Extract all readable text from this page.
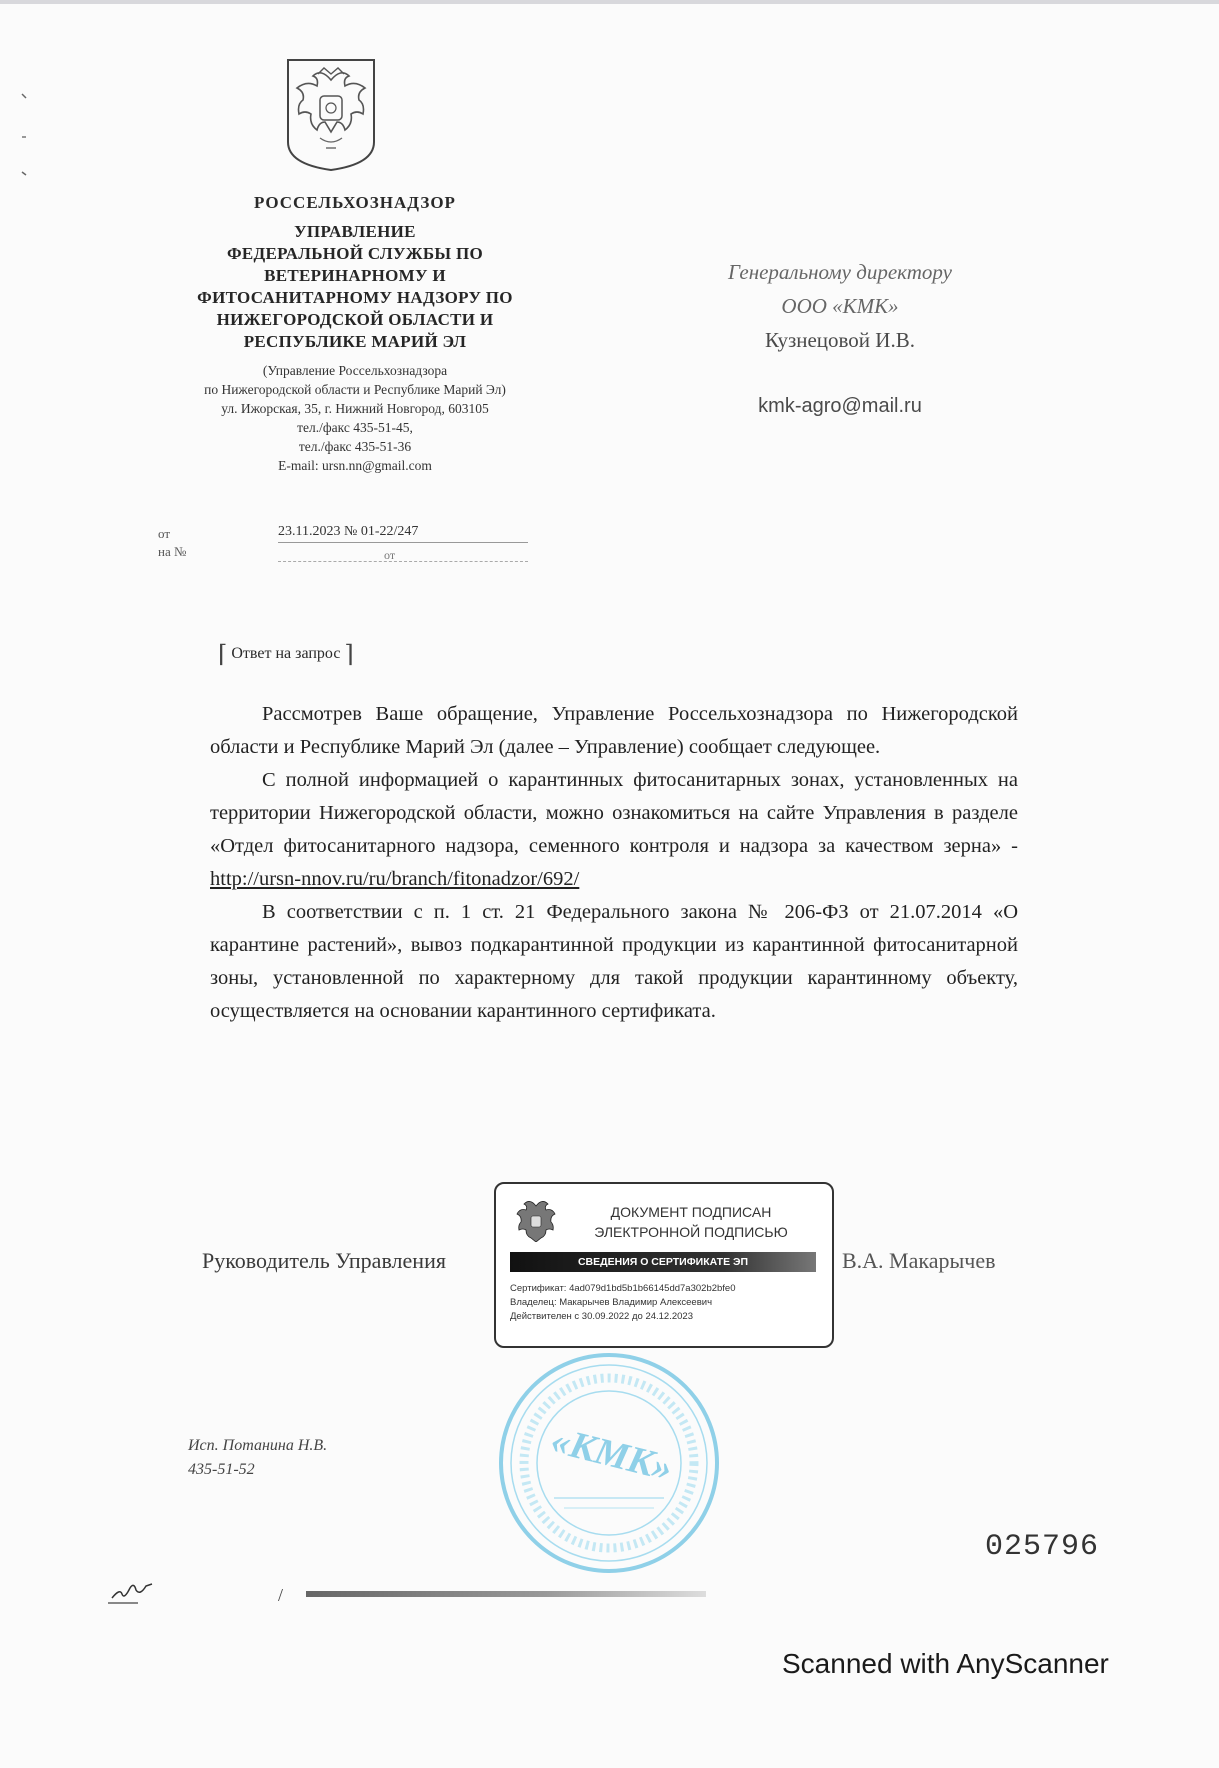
РОССЕЛЬХОЗНАДЗОР
УПРАВЛЕНИЕ
ФЕДЕРАЛЬНОЙ СЛУЖБЫ ПО
ВЕТЕРИНАРНОМУ И
ФИТОСАНИТАРНОМУ НАДЗОРУ ПО
НИЖЕГОРОДСКОЙ ОБЛАСТИ И
РЕСПУБЛИКЕ МАРИЙ ЭЛ
(Управление Россельхознадзора
по Нижегородской области и Республике Марий Эл)
ул. Ижорская, 35, г. Нижний Новгород, 603105
тел./факс 435-51-45,
тел./факс 435-51-36
E-mail: ursn.nn@gmail.com
от	23.11.2023 № 01-22/247
на №	от
Генеральному директору
ООО «КМК»
Кузнецовой И.В.
kmk-agro@mail.ru
⌈ Ответ на запрос ⌉

Рассмотрев Ваше обращение, Управление Россельхознадзора по Нижегородской области и Республике Марий Эл (далее – Управление) сообщает следующее.

С полной информацией о карантинных фитосанитарных зонах, установленных на территории Нижегородской области, можно ознакомиться на сайте Управления в разделе «Отдел фитосанитарного надзора, семенного контроля и надзора за качеством зерна» - http://ursn-nnov.ru/ru/branch/fitonadzor/692/

В соответствии с п. 1 ст. 21 Федерального закона № 206-ФЗ от 21.07.2014 «О карантине растений», вывоз подкарантинной продукции из карантинной фитосанитарной зоны, установленной по характерному для такой продукции карантинному объекту, осуществляется на основании карантинного сертификата.

Руководитель Управления
ДОКУМЕНТ ПОДПИСАН
ЭЛЕКТРОННОЙ ПОДПИСЬЮ
СВЕДЕНИЯ О СЕРТИФИКАТЕ ЭП
Сертификат: 4ad079d1bd5b1b66145dd7a302b2bfe0
Владелец: Макарычев Владимир Алексеевич
Действителен с 30.09.2022 до 24.12.2023
В.А. Макарычев
«КМК»
Исп. Потанина Н.В.
435-51-52
025796
/
Scanned with AnyScanner
